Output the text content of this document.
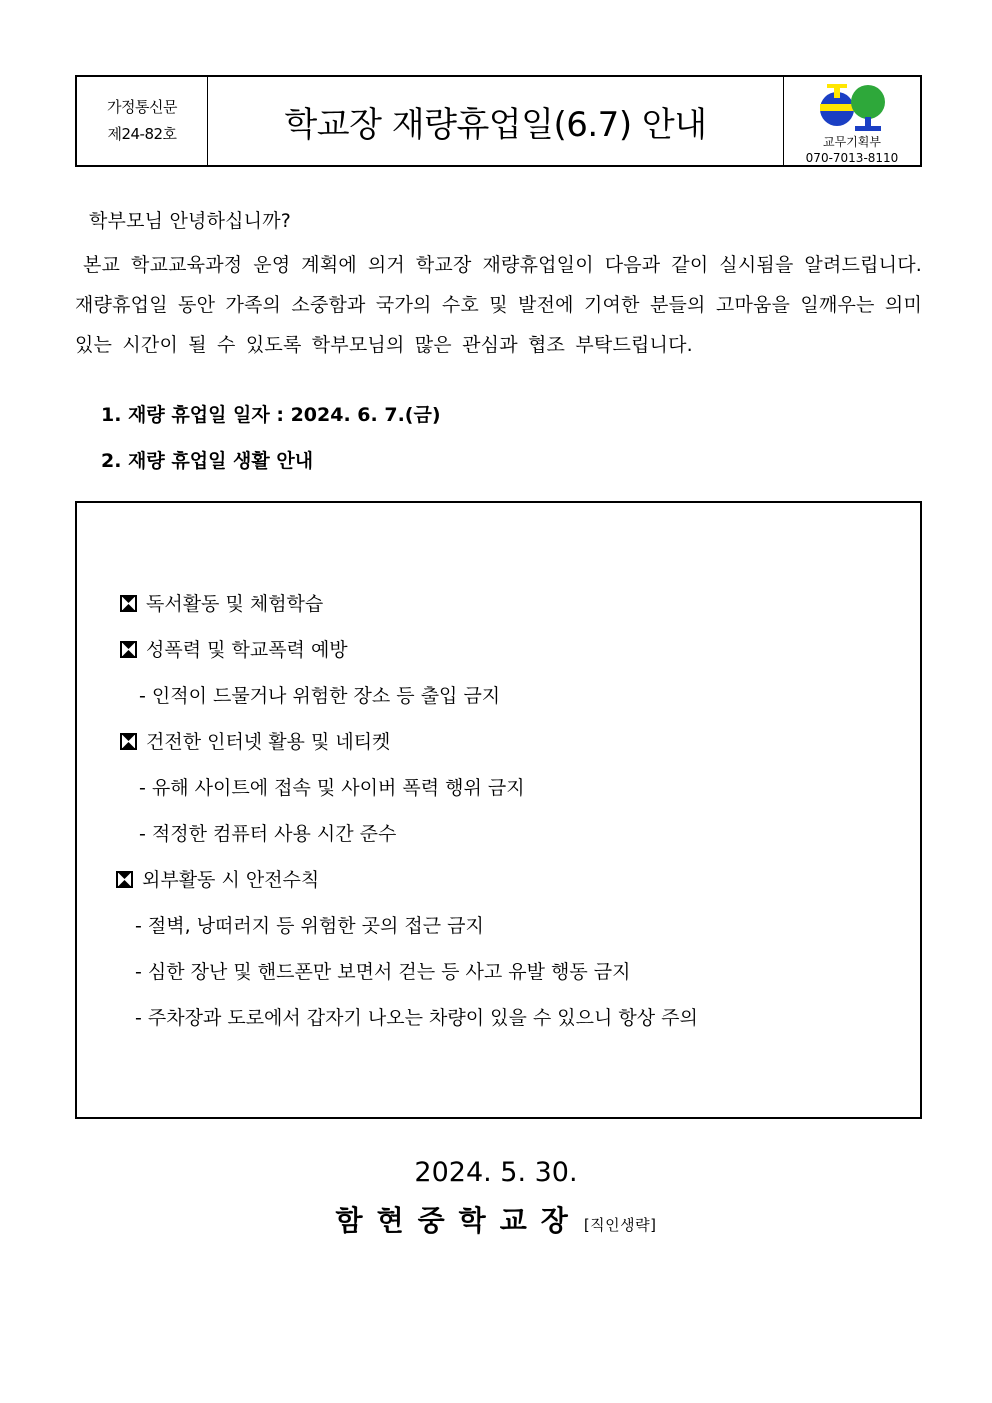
가정통신문
제24-82호	학교장 재량휴업일(6.7) 안내	교무기획부
070-7013-8110
학부모님 안녕하십니까?
본교 학교교육과정 운영 계획에 의거 학교장 재량휴업일이 다음과 같이 실시됨을 알려드립니다. 재량휴업일 동안 가족의 소중함과 국가의 수호 및 발전에 기여한 분들의 고마움을 일깨우는 의미 있는 시간이 될 수 있도록 학부모님의 많은 관심과 협조 부탁드립니다.
1. 재량 휴업일 일자 : 2024. 6. 7.(금)
2. 재량 휴업일 생활 안내
독서활동 및 체험학습
성폭력 및 학교폭력 예방
- 인적이 드물거나 위험한 장소 등 출입 금지
건전한 인터넷 활용 및 네티켓
- 유해 사이트에 접속 및 사이버 폭력 행위 금지
- 적정한 컴퓨터 사용 시간 준수
외부활동 시 안전수칙
- 절벽, 낭떠러지 등 위험한 곳의 접근 금지
- 심한 장난 및 핸드폰만 보면서 걷는 등 사고 유발 행동 금지
- 주차장과 도로에서 갑자기 나오는 차량이 있을 수 있으니 항상 주의
2024. 5. 30.
함현중학교장 [직인생략]
